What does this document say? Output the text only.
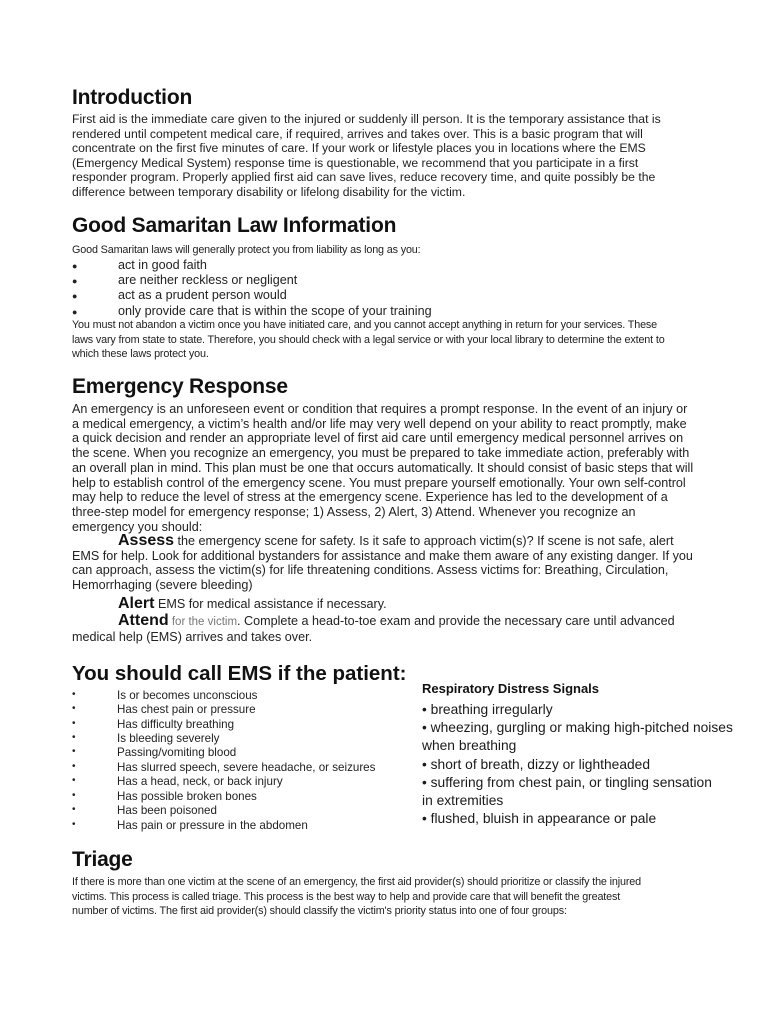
Introduction
First aid is the immediate care given to the injured or suddenly ill person. It is the temporary assistance that is
rendered until competent medical care, if required, arrives and takes over. This is a basic program that will
concentrate on the first five minutes of care. If your work or lifestyle places you in locations where the EMS
(Emergency Medical System) response time is questionable, we recommend that you participate in a first
responder program. Properly applied first aid can save lives, reduce recovery time, and quite possibly be the
difference between temporary disability or lifelong disability for the victim.
Good Samaritan Law Information
Good Samaritan laws will generally protect you from liability as long as you:
●	act in good faith
●	are neither reckless or negligent
●	act as a prudent person would
●	only provide care that is within the scope of your training
You must not abandon a victim once you have initiated care, and you cannot accept anything in return for your services. These
laws vary from state to state. Therefore, you should check with a legal service or with your local library to determine the extent to
which these laws protect you.
Emergency Response
An emergency is an unforeseen event or condition that requires a prompt response. In the event of an injury or
a medical emergency, a victim’s health and/or life may very well depend on your ability to react promptly, make
a quick decision and render an appropriate level of first aid care until emergency medical personnel arrives on
the scene. When you recognize an emergency, you must be prepared to take immediate action, preferably with
an overall plan in mind. This plan must be one that occurs automatically. It should consist of basic steps that will
help to establish control of the emergency scene. You must prepare yourself emotionally. Your own self-control
may help to reduce the level of stress at the emergency scene. Experience has led to the development of a
three-step model for emergency response; 1) Assess, 2) Alert, 3) Attend. Whenever you recognize an
emergency you should:
Assess the emergency scene for safety. Is it safe to approach victim(s)? If scene is not safe, alert
EMS for help. Look for additional bystanders for assistance and make them aware of any existing danger. If you
can approach, assess the victim(s) for life threatening conditions. Assess victims for: Breathing, Circulation,
Hemorrhaging (severe bleeding)
Alert EMS for medical assistance if necessary.
Attend for the victim. Complete a head-to-toe exam and provide the necessary care until advanced
medical help (EMS) arrives and takes over.
You should call EMS if the patient:
•	Is or becomes unconscious
•	Has chest pain or pressure
•	Has difficulty breathing
•	Is bleeding severely
•	Passing/vomiting blood
•	Has slurred speech, severe headache, or seizures
•	Has a head, neck, or back injury
•	Has possible broken bones
•	Has been poisoned
•	Has pain or pressure in the abdomen
Respiratory Distress Signals
• breathing irregularly
• wheezing, gurgling or making high-pitched noises
when breathing
• short of breath, dizzy or lightheaded
• suffering from chest pain, or tingling sensation
in extremities
• flushed, bluish in appearance or pale
Triage
If there is more than one victim at the scene of an emergency, the first aid provider(s) should prioritize or classify the injured
victims. This process is called triage. This process is the best way to help and provide care that will benefit the greatest
number of victims. The first aid provider(s) should classify the victim's priority status into one of four groups:
